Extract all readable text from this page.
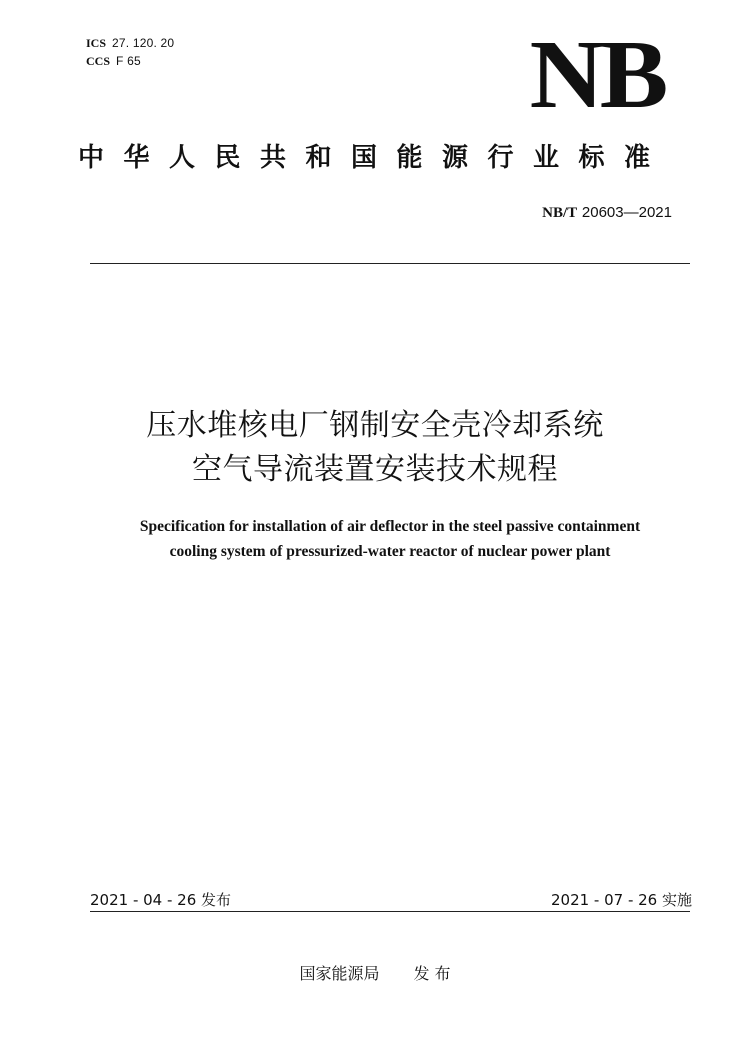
ICS 27. 120. 20
CCS F 65	NB
中华人民共和国能源行业标准
NB/T 20603—2021
压水堆核电厂钢制安全壳冷却系统
空气导流装置安装技术规程
Specification for installation of air deflector in the steel passive containment
cooling system of pressurized-water reactor of nuclear power plant
2021 - 04 - 26 发布	2021 - 07 - 26 实施
国家能源局 发 布
